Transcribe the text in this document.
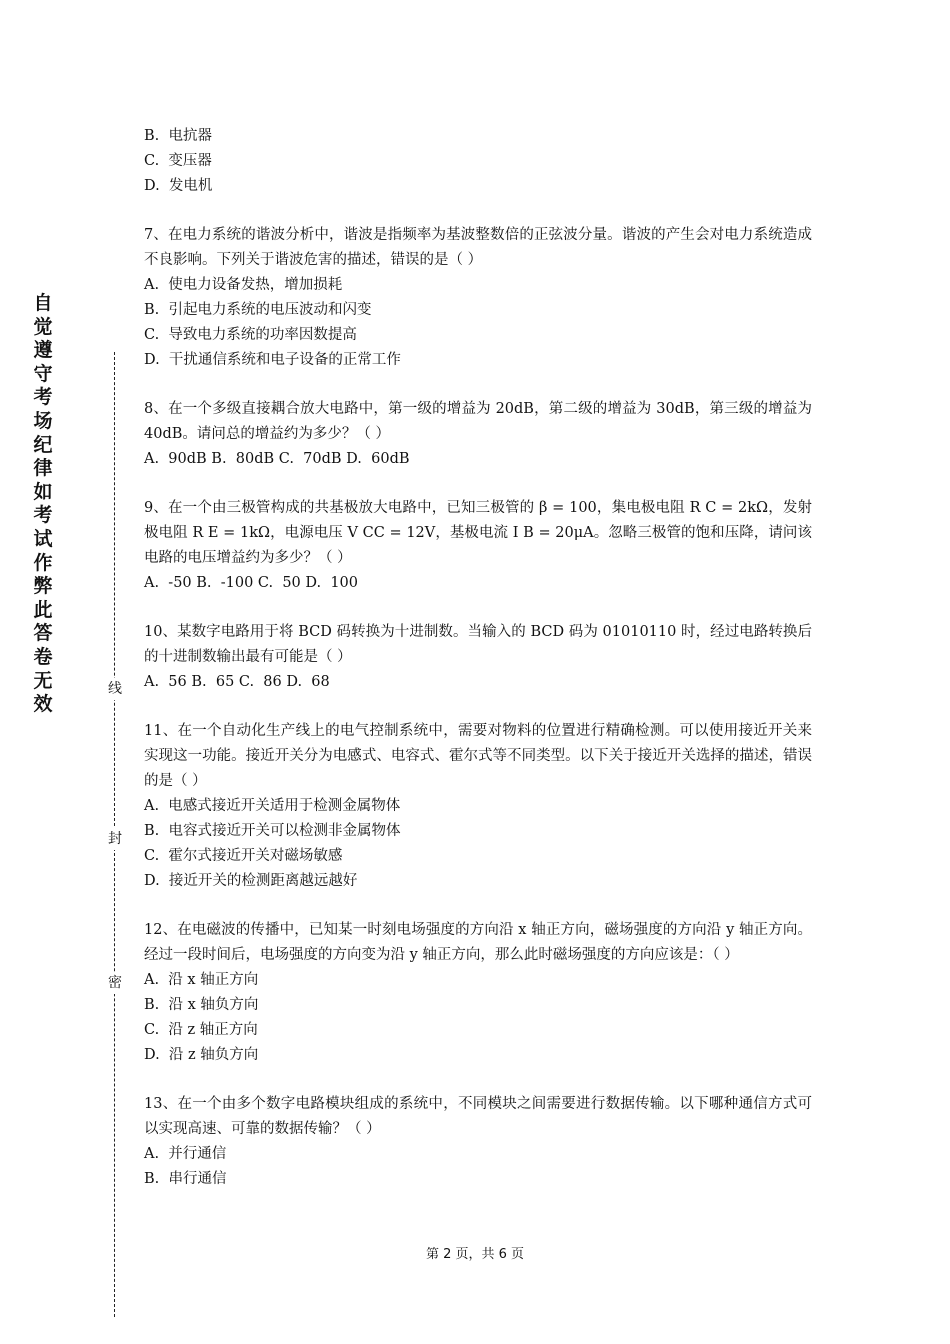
自
觉
遵
守
考
场
纪
律
如
考
试
作
弊
此
答
卷
无
效
线
封
密
B.  电抗器
C.  变压器
D.  发电机
7、在电力系统的谐波分析中，谐波是指频率为基波整数倍的正弦波分量。谐波的产生会对电力系统造成不良影响。下列关于谐波危害的描述，错误的是（ ）
A.  使电力设备发热，增加损耗
B.  引起电力系统的电压波动和闪变
C.  导致电力系统的功率因数提高
D.  干扰通信系统和电子设备的正常工作
8、在一个多级直接耦合放大电路中，第一级的增益为 20dB，第二级的增益为 30dB，第三级的增益为 40dB。请问总的增益约为多少？（ ）
A.  90dB B.  80dB C.  70dB D.  60dB
9、在一个由三极管构成的共基极放大电路中，已知三极管的 β = 100，集电极电阻 R C = 2kΩ，发射极电阻 R E = 1kΩ，电源电压 V CC = 12V，基极电流 I B = 20μA。忽略三极管的饱和压降，请问该电路的电压增益约为多少？（ ）
A.  -50 B.  -100 C.  50 D.  100
10、某数字电路用于将 BCD 码转换为十进制数。当输入的 BCD 码为 01010110 时，经过电路转换后的十进制数输出最有可能是（ ）
A.  56 B.  65 C.  86 D.  68
11、在一个自动化生产线上的电气控制系统中，需要对物料的位置进行精确检测。可以使用接近开关来实现这一功能。接近开关分为电感式、电容式、霍尔式等不同类型。以下关于接近开关选择的描述，错误的是（ ）
A.  电感式接近开关适用于检测金属物体
B.  电容式接近开关可以检测非金属物体
C.  霍尔式接近开关对磁场敏感
D.  接近开关的检测距离越远越好
12、在电磁波的传播中，已知某一时刻电场强度的方向沿 x 轴正方向，磁场强度的方向沿 y 轴正方向。经过一段时间后，电场强度的方向变为沿 y 轴正方向，那么此时磁场强度的方向应该是：（ ）
A.  沿 x 轴正方向
B.  沿 x 轴负方向
C.  沿 z 轴正方向
D.  沿 z 轴负方向
13、在一个由多个数字电路模块组成的系统中，不同模块之间需要进行数据传输。以下哪种通信方式可以实现高速、可靠的数据传输？（ ）
A.  并行通信
B.  串行通信
第 2 页，共 6 页
